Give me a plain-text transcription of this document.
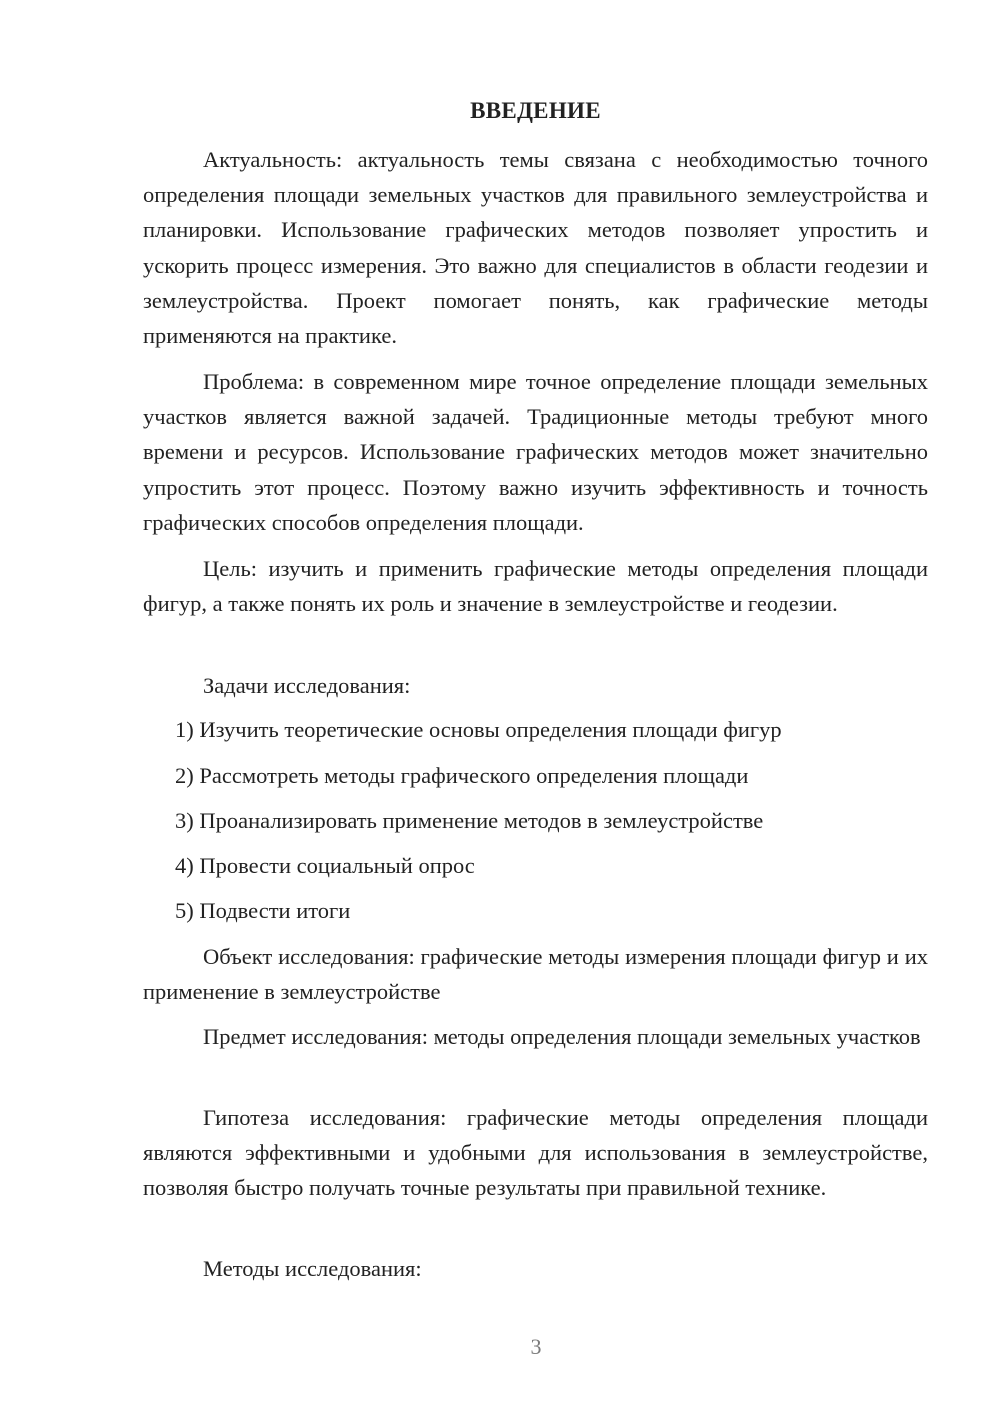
ВВЕДЕНИЕ

Актуальность: актуальность темы связана с необходимостью точного определения площади земельных участков для правильного землеустройства и планировки. Использование графических методов позволяет упростить и ускорить процесс измерения. Это важно для специалистов в области геодезии и землеустройства. Проект помогает понять, как графические методы применяются на практике.

Проблема: в современном мире точное определение площади земельных участков является важной задачей. Традиционные методы требуют много времени и ресурсов. Использование графических методов может значительно упростить этот процесс. Поэтому важно изучить эффективность и точность графических способов определения площади.

Цель: изучить и применить графические методы определения площади фигур, а также понять их роль и значение в землеустройстве и геодезии.

Задачи исследования:

1) Изучить теоретические основы определения площади фигур

2) Рассмотреть методы графического определения площади

3) Проанализировать применение методов в землеустройстве

4) Провести социальный опрос

5) Подвести итоги

Объект исследования: графические методы измерения площади фигур и их применение в землеустройстве

Предмет исследования: методы определения площади земельных участков

Гипотеза исследования: графические методы определения площади являются эффективными и удобными для использования в землеустройстве, позволяя быстро получать точные результаты при правильной технике.

Методы исследования:

3
